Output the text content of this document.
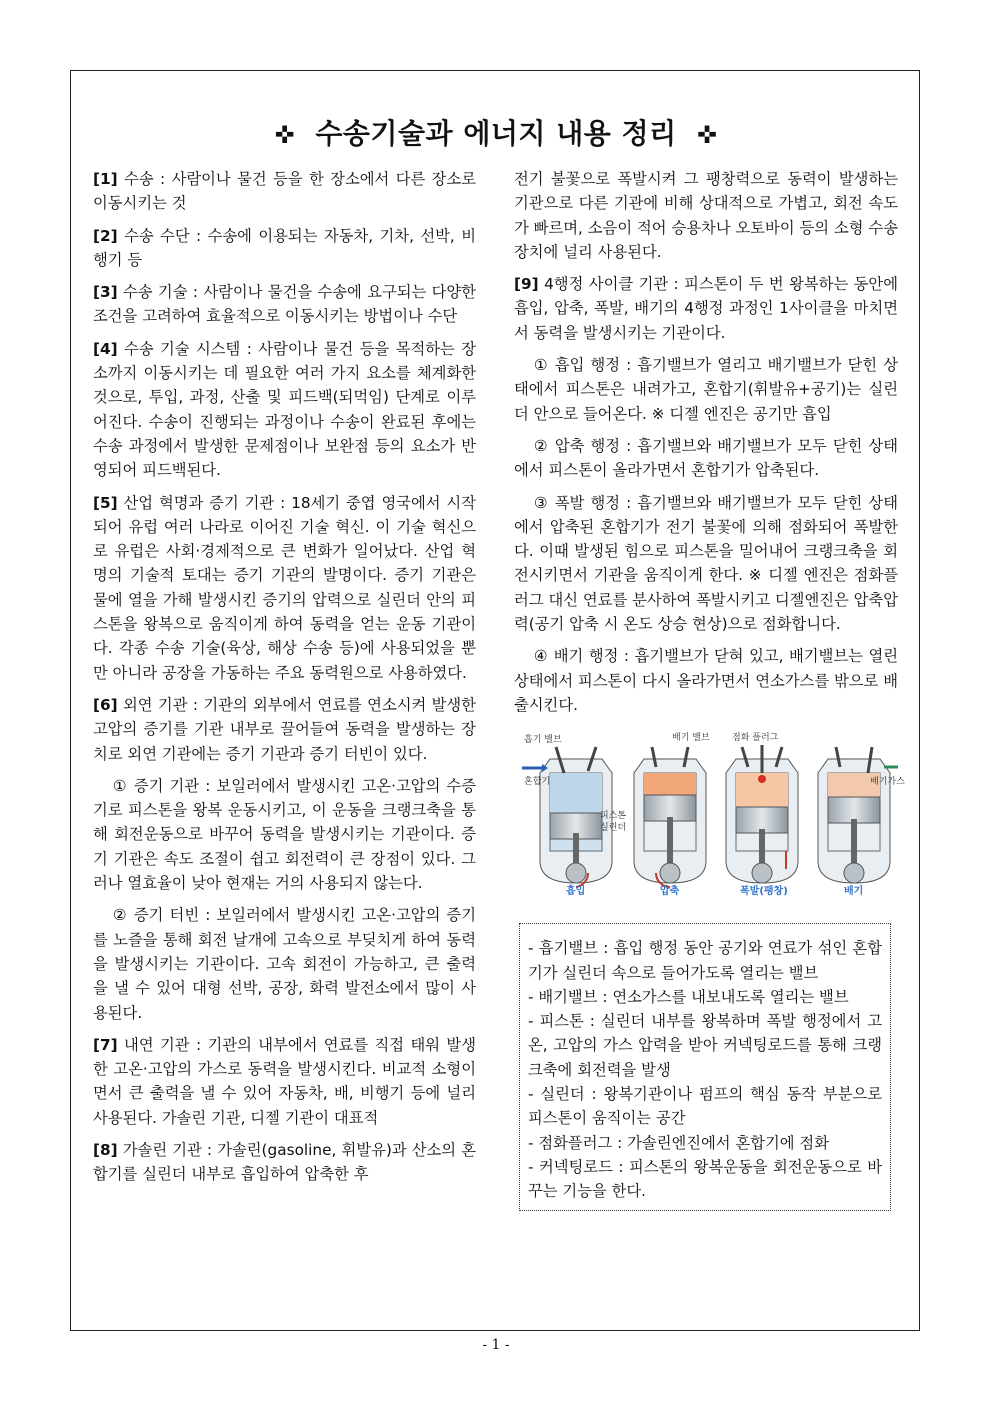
✜ 수송기술과 에너지 내용 정리 ✜

[1] 수송 : 사람이나 물건 등을 한 장소에서 다른 장소로 이동시키는 것

[2] 수송 수단 : 수송에 이용되는 자동차, 기차, 선박, 비행기 등

[3] 수송 기술 : 사람이나 물건을 수송에 요구되는 다양한 조건을 고려하여 효율적으로 이동시키는 방법이나 수단

[4] 수송 기술 시스템 : 사람이나 물건 등을 목적하는 장소까지 이동시키는 데 필요한 여러 가지 요소를 체계화한 것으로, 투입, 과정, 산출 및 피드백(되먹임) 단계로 이루어진다. 수송이 진행되는 과정이나 수송이 완료된 후에는 수송 과정에서 발생한 문제점이나 보완점 등의 요소가 반영되어 피드백된다.

[5] 산업 혁명과 증기 기관 : 18세기 중엽 영국에서 시작되어 유럽 여러 나라로 이어진 기술 혁신. 이 기술 혁신으로 유럽은 사회·경제적으로 큰 변화가 일어났다. 산업 혁명의 기술적 토대는 증기 기관의 발명이다. 증기 기관은 물에 열을 가해 발생시킨 증기의 압력으로 실린더 안의 피스톤을 왕복으로 움직이게 하여 동력을 얻는 운동 기관이다. 각종 수송 기술(육상, 해상 수송 등)에 사용되었을 뿐만 아니라 공장을 가동하는 주요 동력원으로 사용하였다.

[6] 외연 기관 : 기관의 외부에서 연료를 연소시켜 발생한 고압의 증기를 기관 내부로 끌어들여 동력을 발생하는 장치로 외연 기관에는 증기 기관과 증기 터빈이 있다.

① 증기 기관 : 보일러에서 발생시킨 고온·고압의 수증기로 피스톤을 왕복 운동시키고, 이 운동을 크랭크축을 통해 회전운동으로 바꾸어 동력을 발생시키는 기관이다. 증기 기관은 속도 조절이 쉽고 회전력이 큰 장점이 있다. 그러나 열효율이 낮아 현재는 거의 사용되지 않는다.

② 증기 터빈 : 보일러에서 발생시킨 고온·고압의 증기를 노즐을 통해 회전 날개에 고속으로 부딪치게 하여 동력을 발생시키는 기관이다. 고속 회전이 가능하고, 큰 출력을 낼 수 있어 대형 선박, 공장, 화력 발전소에서 많이 사용된다.

[7] 내연 기관 : 기관의 내부에서 연료를 직접 태워 발생한 고온·고압의 가스로 동력을 발생시킨다. 비교적 소형이면서 큰 출력을 낼 수 있어 자동차, 배, 비행기 등에 널리 사용된다. 가솔린 기관, 디젤 기관이 대표적

[8] 가솔린 기관 : 가솔린(gasoline, 휘발유)과 산소의 혼합기를 실린더 내부로 흡입하여 압축한 후

전기 불꽃으로 폭발시켜 그 팽창력으로 동력이 발생하는 기관으로 다른 기관에 비해 상대적으로 가볍고, 회전 속도가 빠르며, 소음이 적어 승용차나 오토바이 등의 소형 수송 장치에 널리 사용된다.

[9] 4행정 사이클 기관 : 피스톤이 두 번 왕복하는 동안에 흡입, 압축, 폭발, 배기의 4행정 과정인 1사이클을 마치면서 동력을 발생시키는 기관이다.

① 흡입 행정 : 흡기밸브가 열리고 배기밸브가 닫힌 상태에서 피스톤은 내려가고, 혼합기(휘발유+공기)는 실린더 안으로 들어온다. ※ 디젤 엔진은 공기만 흡입

② 압축 행정 : 흡기밸브와 배기밸브가 모두 닫힌 상태에서 피스톤이 올라가면서 혼합기가 압축된다.

③ 폭발 행정 : 흡기밸브와 배기밸브가 모두 닫힌 상태에서 압축된 혼합기가 전기 불꽃에 의해 점화되어 폭발한다. 이때 발생된 힘으로 피스톤을 밀어내어 크랭크축을 회전시키면서 기관을 움직이게 한다. ※ 디젤 엔진은 점화플러그 대신 연료를 분사하여 폭발시키고 디젤엔진은 압축압력(공기 압축 시 온도 상승 현상)으로 점화합니다.

④ 배기 행정 : 흡기밸브가 닫혀 있고, 배기밸브는 열린 상태에서 피스톤이 다시 올라가면서 연소가스를 밖으로 배출시킨다.

흡기 밸브	배기 밸브 점화 플러그
혼합기
피스톤
실린더
배기가스
흡입	압축	폭발(팽창)	배기

- 흡기밸브 : 흡입 행정 동안 공기와 연료가 섞인 혼합기가 실린더 속으로 들어가도록 열리는 밸브

- 배기밸브 : 연소가스를 내보내도록 열리는 밸브

- 피스톤 : 실린더 내부를 왕복하며 폭발 행정에서 고온, 고압의 가스 압력을 받아 커넥팅로드를 통해 크랭크축에 회전력을 발생

- 실린더 : 왕복기관이나 펌프의 핵심 동작 부분으로 피스톤이 움직이는 공간

- 점화플러그 : 가솔린엔진에서 혼합기에 점화

- 커넥팅로드 : 피스톤의 왕복운동을 회전운동으로 바꾸는 기능을 한다.

- 1 -
